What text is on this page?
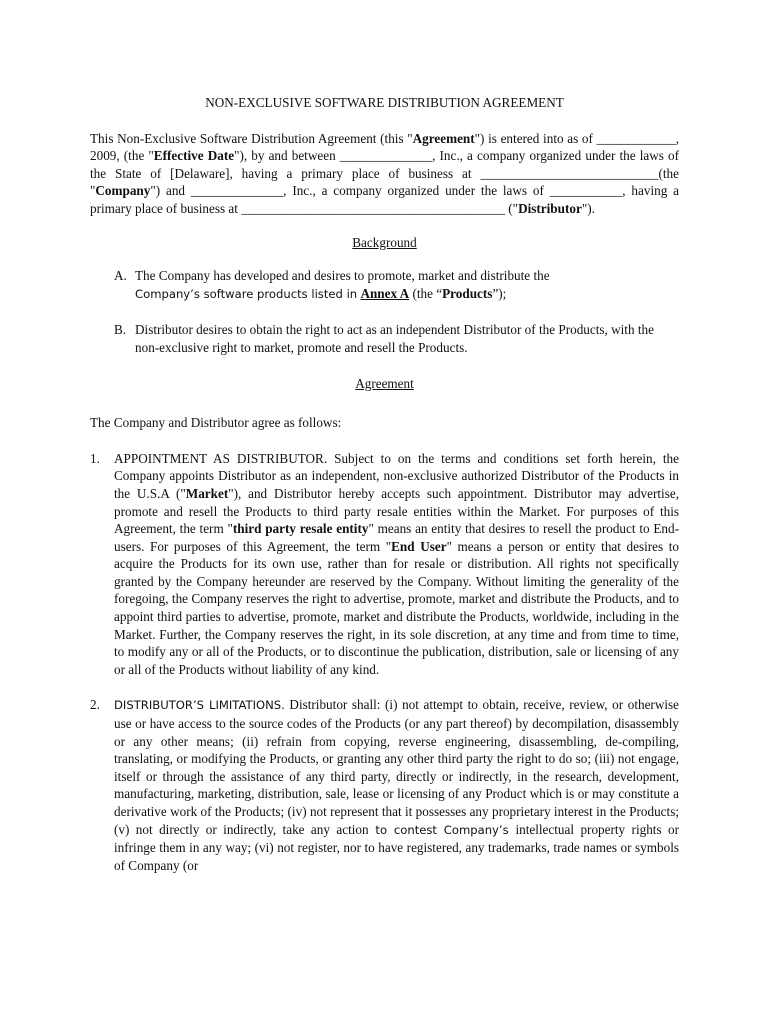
NON-EXCLUSIVE SOFTWARE DISTRIBUTION AGREEMENT

This Non-Exclusive Software Distribution Agreement (this "Agreement") is entered into as of ____________, 2009, (the "Effective Date"), by and between ______________, Inc., a company organized under the laws of the State of [Delaware], having a primary place of business at ___________________________(the "Company") and ______________, Inc., a company organized under the laws of ___________, having a primary place of business at ________________________________________ ("Distributor").

Background
A. The Company has developed and desires to promote, market and distribute the
Company’s software products listed in Annex A (the “Products”);
B. Distributor desires to obtain the right to act as an independent Distributor of the Products, with the non-exclusive right to market, promote and resell the Products.
Agreement

The Company and Distributor agree as follows:

1.	APPOINTMENT AS DISTRIBUTOR. Subject to on the terms and conditions set forth herein, the Company appoints Distributor as an independent, non-exclusive authorized Distributor of the Products in the U.S.A ("Market"), and Distributor hereby accepts such appointment. Distributor may advertise, promote and resell the Products to third party resale entities within the Market. For purposes of this Agreement, the term "third party resale entity" means an entity that desires to resell the product to End-users. For purposes of this Agreement, the term "End User" means a person or entity that desires to acquire the Products for its own use, rather than for resale or distribution. All rights not specifically granted by the Company hereunder are reserved by the Company. Without limiting the generality of the foregoing, the Company reserves the right to advertise, promote, market and distribute the Products, and to appoint third parties to advertise, promote, market and distribute the Products, worldwide, including in the Market. Further, the Company reserves the right, in its sole discretion, at any time and from time to time, to modify any or all of the Products, or to discontinue the publication, distribution, sale or licensing of any or all of the Products without liability of any kind.
2.	DISTRIBUTOR’S LIMITATIONS. Distributor shall: (i) not attempt to obtain, receive, review, or otherwise use or have access to the source codes of the Products (or any part thereof) by decompilation, disassembly or any other means; (ii) refrain from copying, reverse engineering, disassembling, de-compiling, translating, or modifying the Products, or granting any other third party the right to do so; (iii) not engage, itself or through the assistance of any third party, directly or indirectly, in the research, development, manufacturing, marketing, distribution, sale, lease or licensing of any Product which is or may constitute a derivative work of the Products; (iv) not represent that it possesses any proprietary interest in the Products; (v) not directly or indirectly, take any action to contest Company’s intellectual property rights or infringe them in any way; (vi) not register, nor to have registered, any trademarks, trade names or symbols of Company (or
